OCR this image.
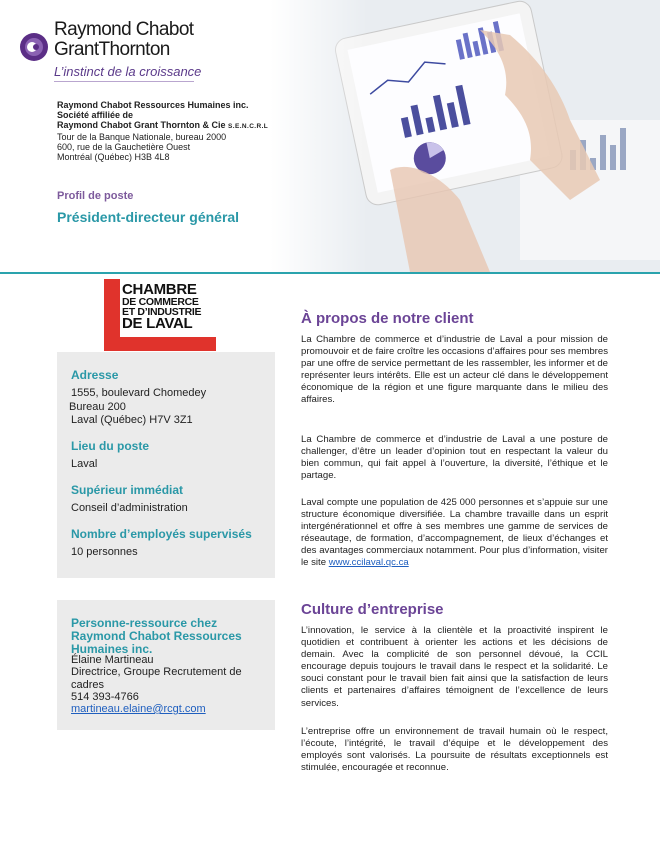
Raymond Chabot
GrantThornton
L’instinct de la croissance
Raymond Chabot Ressources Humaines inc.
Société affiliée de
Raymond Chabot Grant Thornton & Cie S.E.N.C.R.L
Tour de la Banque Nationale, bureau 2000
600, rue de la Gauchetière Ouest
Montréal (Québec) H3B 4L8
Profil de poste
Président-directeur général
CHAMBRE
DE COMMERCE
ET D’INDUSTRIE
DE LAVAL
Adresse
1555, boulevard Chomedey
Bureau 200
Laval (Québec) H7V 3Z1
Lieu du poste
Laval
Supérieur immédiat
Conseil d’administration
Nombre d’employés supervisés
10 personnes
Personne-ressource chez Raymond Chabot Ressources Humaines inc.
Élaine Martineau
Directrice, Groupe Recrutement de cadres
514 393-4766
martineau.elaine@rcgt.com
À propos de notre client
La Chambre de commerce et d’industrie de Laval a pour mission de promouvoir et de faire croître les occasions d’affaires pour ses membres par une offre de service permettant de les rassembler, les informer et de représenter leurs intérêts. Elle est un acteur clé dans le développement économique de la région et une figure marquante dans le milieu des affaires.
La Chambre de commerce et d’industrie de Laval a une posture de challenger, d’être un leader d’opinion tout en respectant la valeur du bien commun, qui fait appel à l’ouverture, la diversité, l’éthique et le partage.
Laval compte une population de 425 000 personnes et s’appuie sur une structure économique diversifiée. La chambre travaille dans un esprit intergénérationnel et offre à ses membres une gamme de services de réseautage, de formation, d’accompagnement, de lieux d’échanges et des avantages commerciaux notamment. Pour plus d’information, visiter le site www.ccilaval.qc.ca
Culture d’entreprise
L’innovation, le service à la clientèle et la proactivité inspirent le quotidien et contribuent à orienter les actions et les décisions de demain. Avec la complicité de son personnel dévoué, la CCIL encourage depuis toujours le travail dans le respect et la solidarité. Le souci constant pour le travail bien fait ainsi que la satisfaction de leurs clients et partenaires d’affaires témoignent de l’excellence de leurs services.
L’entreprise offre un environnement de travail humain où le respect, l’écoute, l’intégrité, le travail d’équipe et le développement des employés sont valorisés. La poursuite de résultats exceptionnels est stimulée, encouragée et reconnue.
